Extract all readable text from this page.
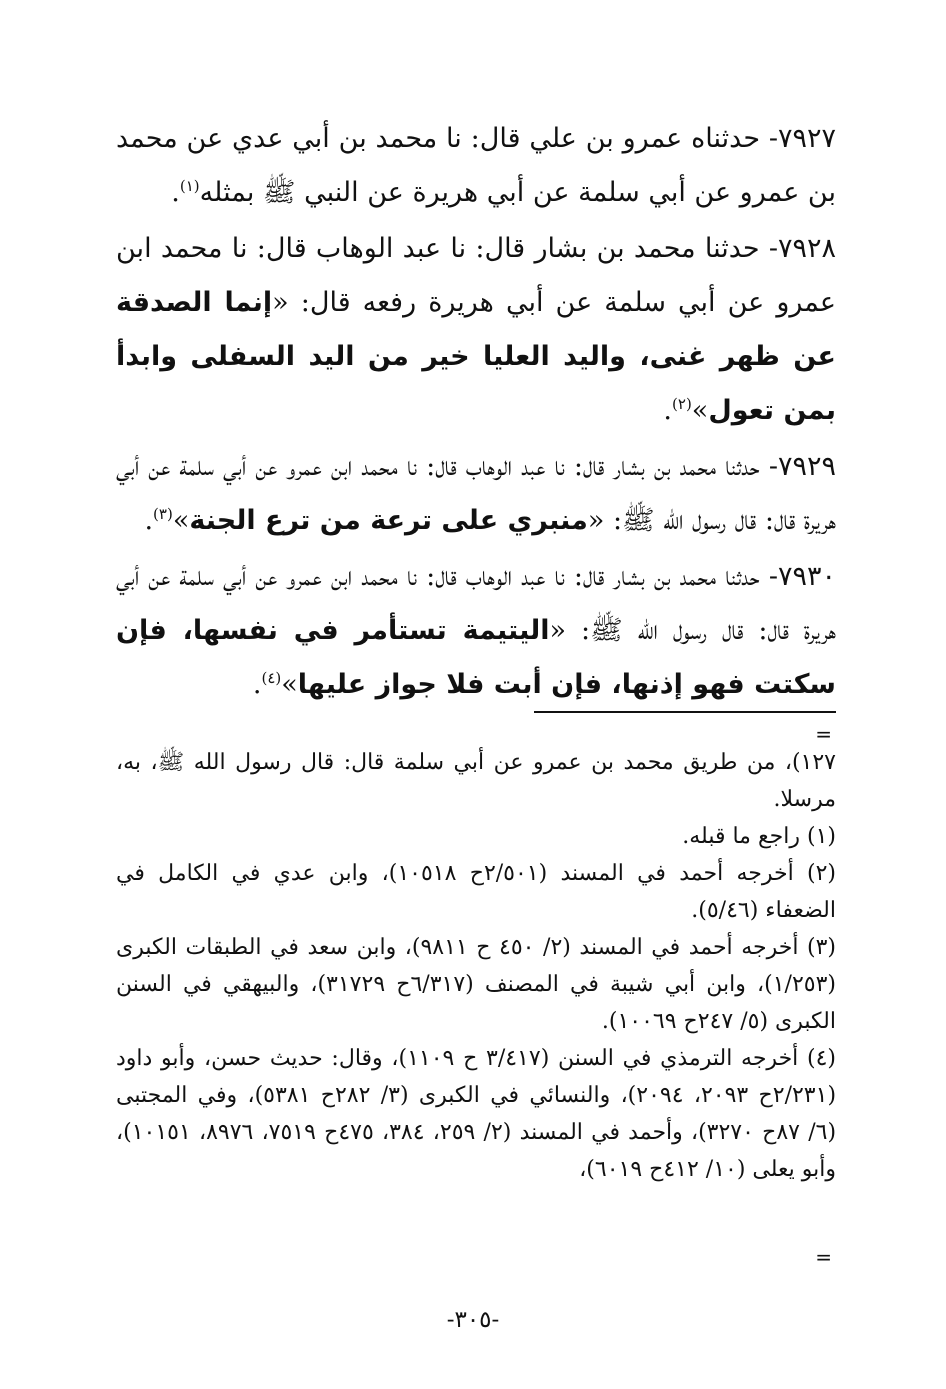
٧٩٢٧- حدثناه عمرو بن علي قال: نا محمد بن أبي عدي عن محمد بن عمرو عن أبي سلمة عن أبي هريرة عن النبي ﷺ بمثله$^{(١)}$.

٧٩٢٨- حدثنا محمد بن بشار قال: نا عبد الوهاب قال: نا محمد ابن عمرو عن أبي سلمة عن أبي هريرة رفعه قال: «إنما الصدقة عن ظهر غنى، واليد العليا خير من اليد السفلى وابدأ بمن تعول»$^{(٢)}$.

٧٩٢٩- حدثنا محمد بن بشار قال: نا عبد الوهاب قال: نا محمد ابن عمرو عن أبي سلمة عن أبي هريرة قال: قال رسول الله ﷺ: «منبري على ترعة من ترع الجنة»$^{(٣)}$.

٧٩٣٠- حدثنا محمد بن بشار قال: نا عبد الوهاب قال: نا محمد ابن عمرو عن أبي سلمة عن أبي هريرة قال: قال رسول الله ﷺ: «اليتيمة تستأمر في نفسها، فإن سكتت فهو إذنها، فإن أبت فلا جواز عليها»$^{(٤)}$.

=

١٢٧)، من طريق محمد بن عمرو عن أبي سلمة قال: قال رسول الله ﷺ، به، مرسلا.

(١) راجع ما قبله.

(٢) أخرجه أحمد في المسند (٢/٥٠١ح ١٠٥١٨)، وابن عدي في الكامل في الضعفاء (٥/٤٦).

(٣) أخرجه أحمد في المسند (٢/ ٤٥٠ ح ٩٨١١)، وابن سعد في الطبقات الكبرى (١/٢٥٣)، وابن أبي شيبة في المصنف (٦/٣١٧ح ٣١٧٢٩)، والبيهقي في السنن الكبرى (٥/ ٢٤٧ح ١٠٠٦٩).

(٤) أخرجه الترمذي في السنن (٣/٤١٧ ح ١١٠٩)، وقال: حديث حسن، وأبو داود (٢/٢٣١ح ٢٠٩٣، ٢٠٩٤)، والنسائي في الكبرى (٣/ ٢٨٢ح ٥٣٨١)، وفي المجتبى (٦/ ٨٧ح ٣٢٧٠)، وأحمد في المسند (٢/ ٢٥٩، ٣٨٤، ٤٧٥ح ٧٥١٩، ٨٩٧٦، ١٠١٥١)، وأبو يعلى (١٠/ ٤١٢ح ٦٠١٩)،

=
-٣٠٥-
